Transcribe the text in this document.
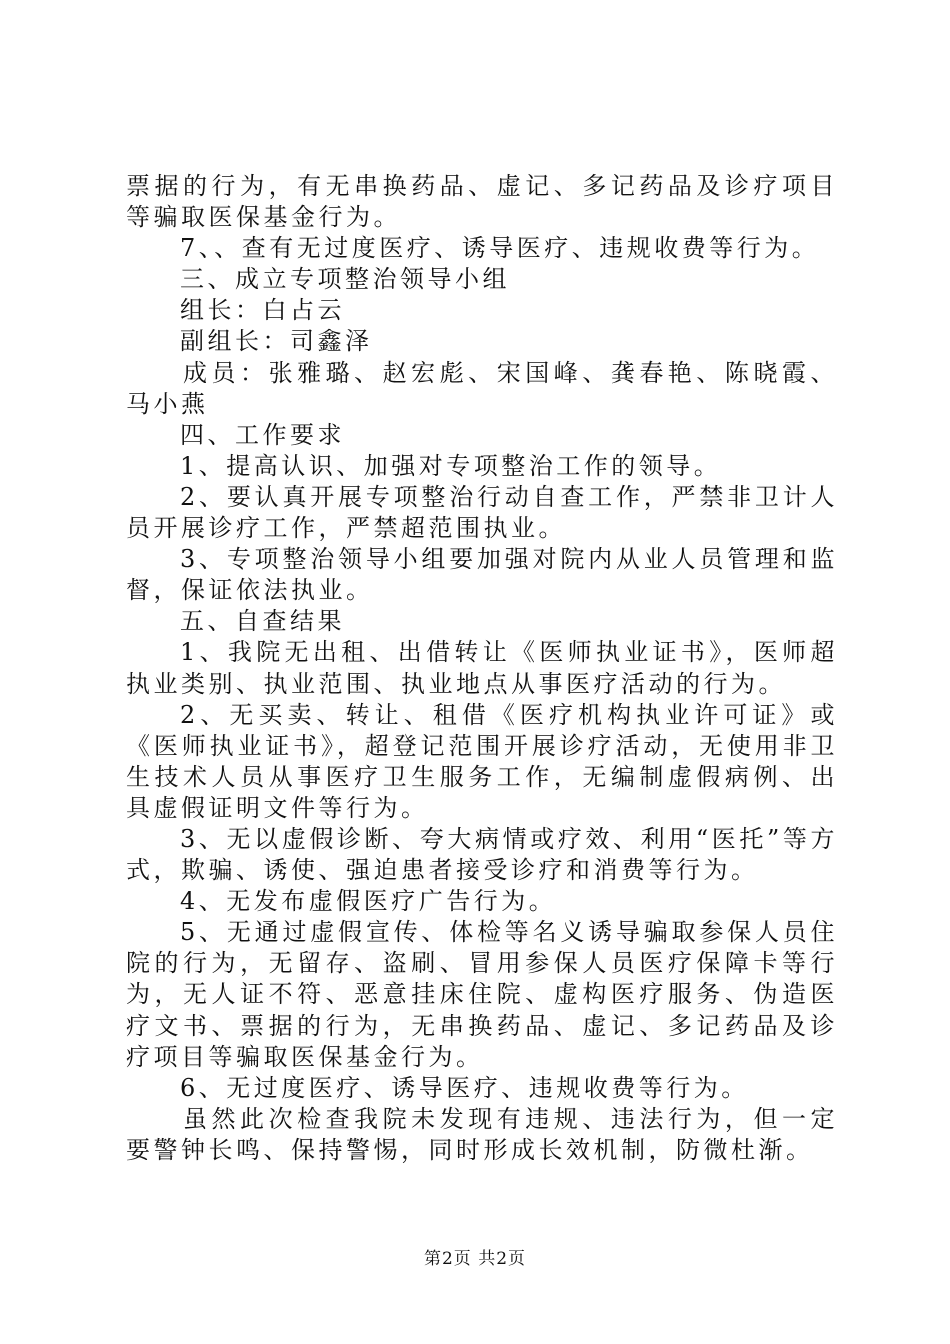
票据的行为，有无串换药品、虚记、多记药品及诊疗项目等骗取医保基金行为。

7、、查有无过度医疗、诱导医疗、违规收费等行为。

三、成立专项整治领导小组

组长：白占云

副组长：司鑫泽

成员：张雅璐、赵宏彪、宋国峰、龚春艳、陈晓霞、马小燕

四、工作要求

1、提高认识、加强对专项整治工作的领导。

2、要认真开展专项整治行动自查工作，严禁非卫计人员开展诊疗工作，严禁超范围执业。

3、专项整治领导小组要加强对院内从业人员管理和监督，保证依法执业。

五、自查结果

1、我院无出租、出借转让《医师执业证书》，医师超执业类别、执业范围、执业地点从事医疗活动的行为。

2、无买卖、转让、租借《医疗机构执业许可证》或《医师执业证书》，超登记范围开展诊疗活动，无使用非卫生技术人员从事医疗卫生服务工作，无编制虚假病例、出具虚假证明文件等行为。

3、无以虚假诊断、夸大病情或疗效、利用“医托”等方式，欺骗、诱使、强迫患者接受诊疗和消费等行为。

4、无发布虚假医疗广告行为。

5、无通过虚假宣传、体检等名义诱导骗取参保人员住院的行为，无留存、盗刷、冒用参保人员医疗保障卡等行为，无人证不符、恶意挂床住院、虚构医疗服务、伪造医疗文书、票据的行为，无串换药品、虚记、多记药品及诊疗项目等骗取医保基金行为。

6、无过度医疗、诱导医疗、违规收费等行为。

虽然此次检查我院未发现有违规、违法行为，但一定要警钟长鸣、保持警惕，同时形成长效机制，防微杜渐。

第2页 共2页
